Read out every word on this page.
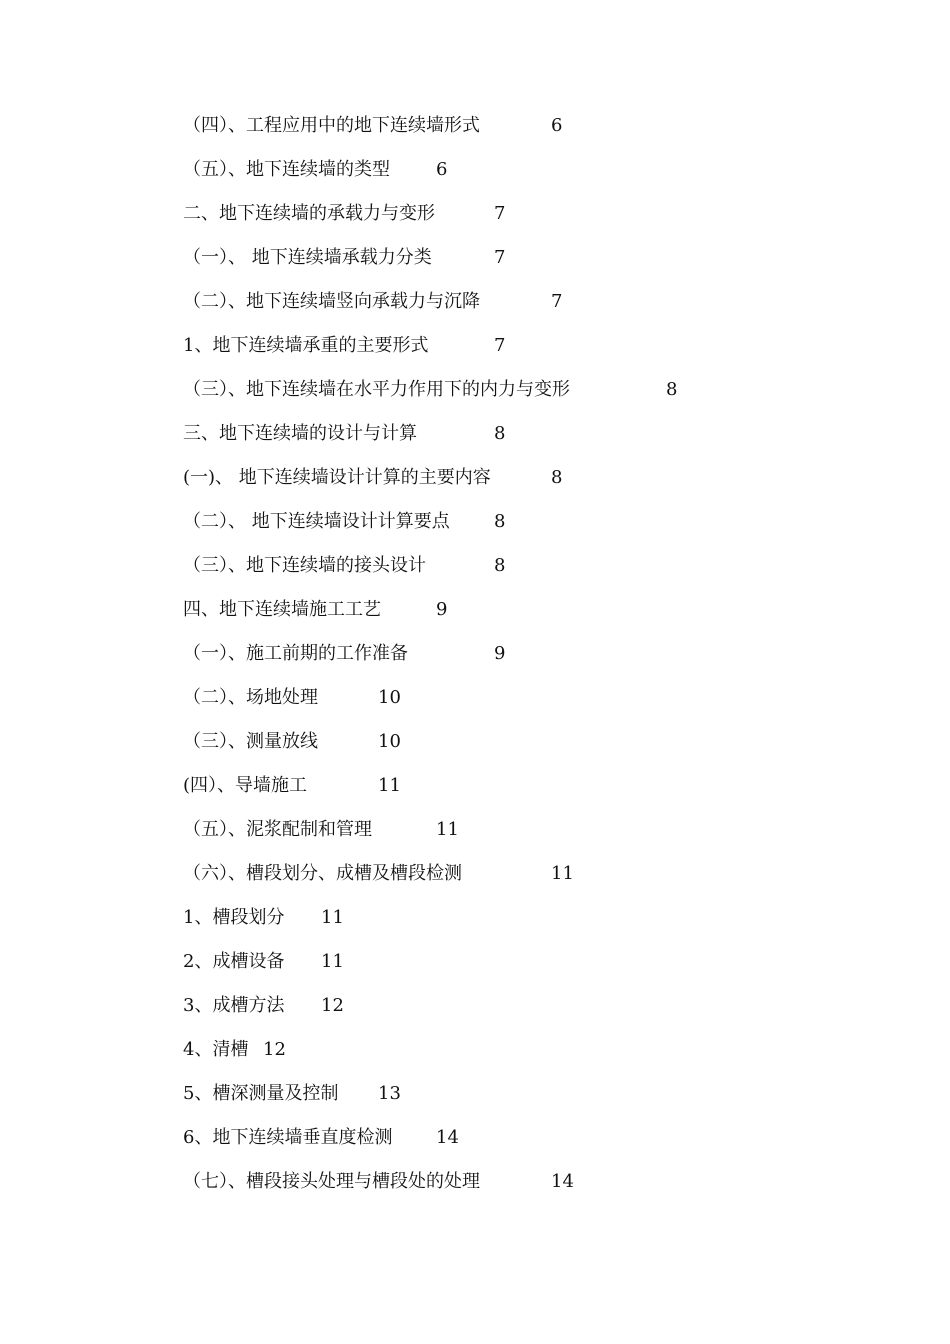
（四）、工程应用中的地下连续墙形式	6
（五）、地下连续墙的类型	6
二、地下连续墙的承载力与变形	7
（一）、 地下连续墙承载力分类	7
（二）、地下连续墙竖向承载力与沉降	7
1、地下连续墙承重的主要形式	7
（三）、地下连续墙在水平力作用下的内力与变形	8
三、地下连续墙的设计与计算	8
(一)、 地下连续墙设计计算的主要内容	8
（二）、 地下连续墙设计计算要点 8
（三）、地下连续墙的接头设计	8
四、地下连续墙施工工艺	9
（一）、施工前期的工作准备	9
（二）、场地处理	10
（三）、测量放线	10
(四）、导墙施工	11
（五）、泥浆配制和管理	11
（六）、槽段划分、成槽及槽段检测	11
1、槽段划分 11
2、成槽设备 11
3、成槽方法 12
4、清槽 12
5、槽深测量及控制 13
6、地下连续墙垂直度检测 14
（七）、槽段接头处理与槽段处的处理	14
